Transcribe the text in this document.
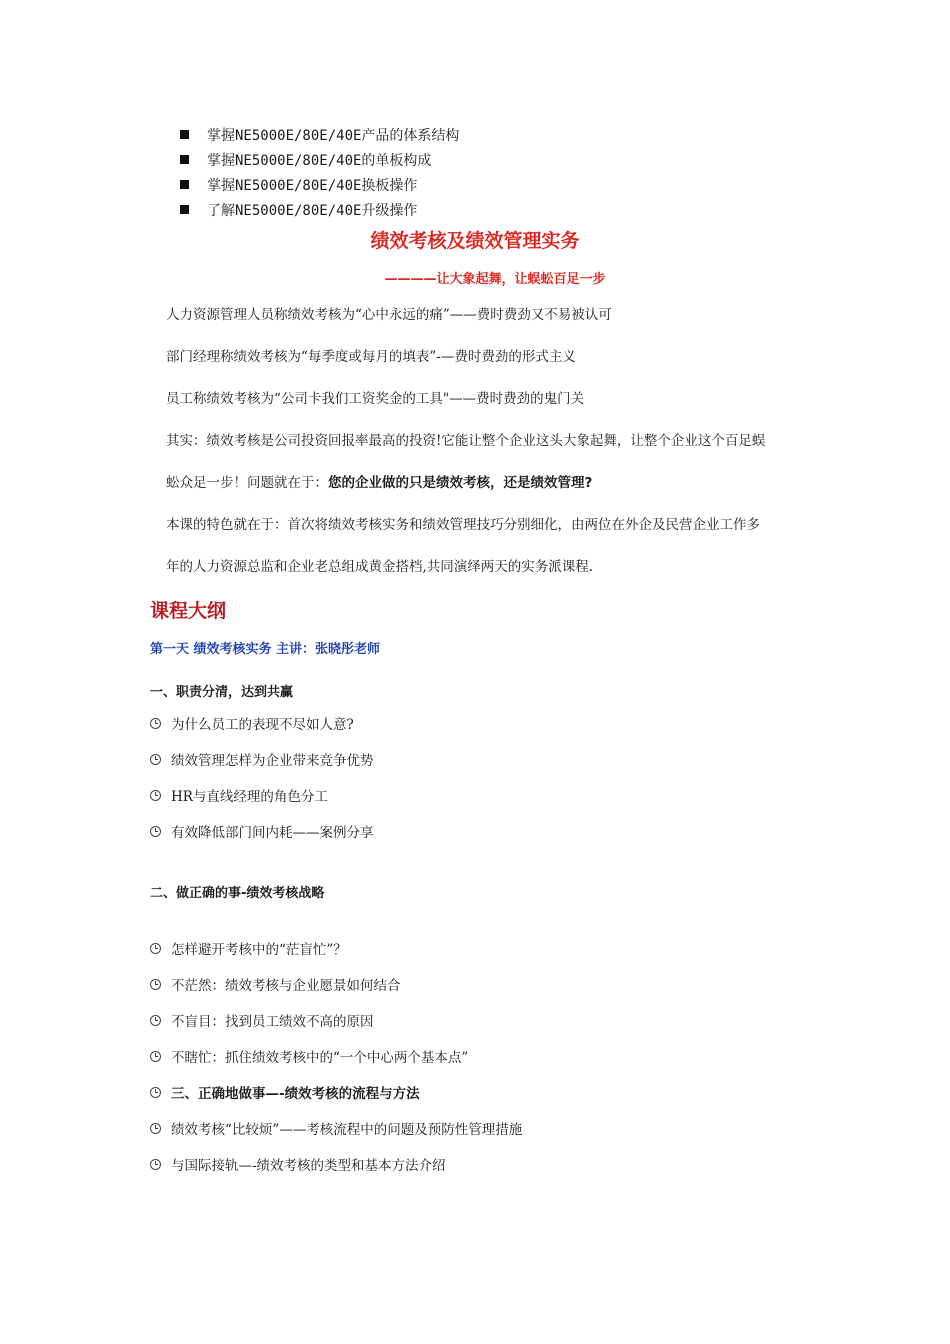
掌握NE5000E/80E/40E产品的体系结构
掌握NE5000E/80E/40E的单板构成
掌握NE5000E/80E/40E换板操作
了解NE5000E/80E/40E升级操作
绩效考核及绩效管理实务
————让大象起舞，让蜈蚣百足一步
人力资源管理人员称绩效考核为“心中永远的痛”——费时费劲又不易被认可
部门经理称绩效考核为“每季度或每月的填表”-—费时费劲的形式主义
员工称绩效考核为“公司卡我们工资奖金的工具"——费时费劲的鬼门关
其实：绩效考核是公司投资回报率最高的投资!它能让整个企业这头大象起舞，让整个企业这个百足蜈
蚣众足一步！问题就在于：您的企业做的只是绩效考核，还是绩效管理?
本课的特色就在于：首次将绩效考核实务和绩效管理技巧分别细化，由两位在外企及民营企业工作多
年的人力资源总监和企业老总组成黄金搭档,共同演绎两天的实务派课程.
课程大纲
第一天 绩效考核实务 主讲：张晓彤老师
一、职责分清，达到共赢
为什么员工的表现不尽如人意?
绩效管理怎样为企业带来竞争优势
HR与直线经理的角色分工
有效降低部门间内耗——案例分享
二、做正确的事-绩效考核战略
怎样避开考核中的“茫盲忙”？
不茫然：绩效考核与企业愿景如何结合
不盲目：找到员工绩效不高的原因
不瞎忙：抓住绩效考核中的“一个中心两个基本点”
三、正确地做事—-绩效考核的流程与方法
绩效考核“比较烦”——考核流程中的问题及预防性管理措施
与国际接轨—-绩效考核的类型和基本方法介绍
